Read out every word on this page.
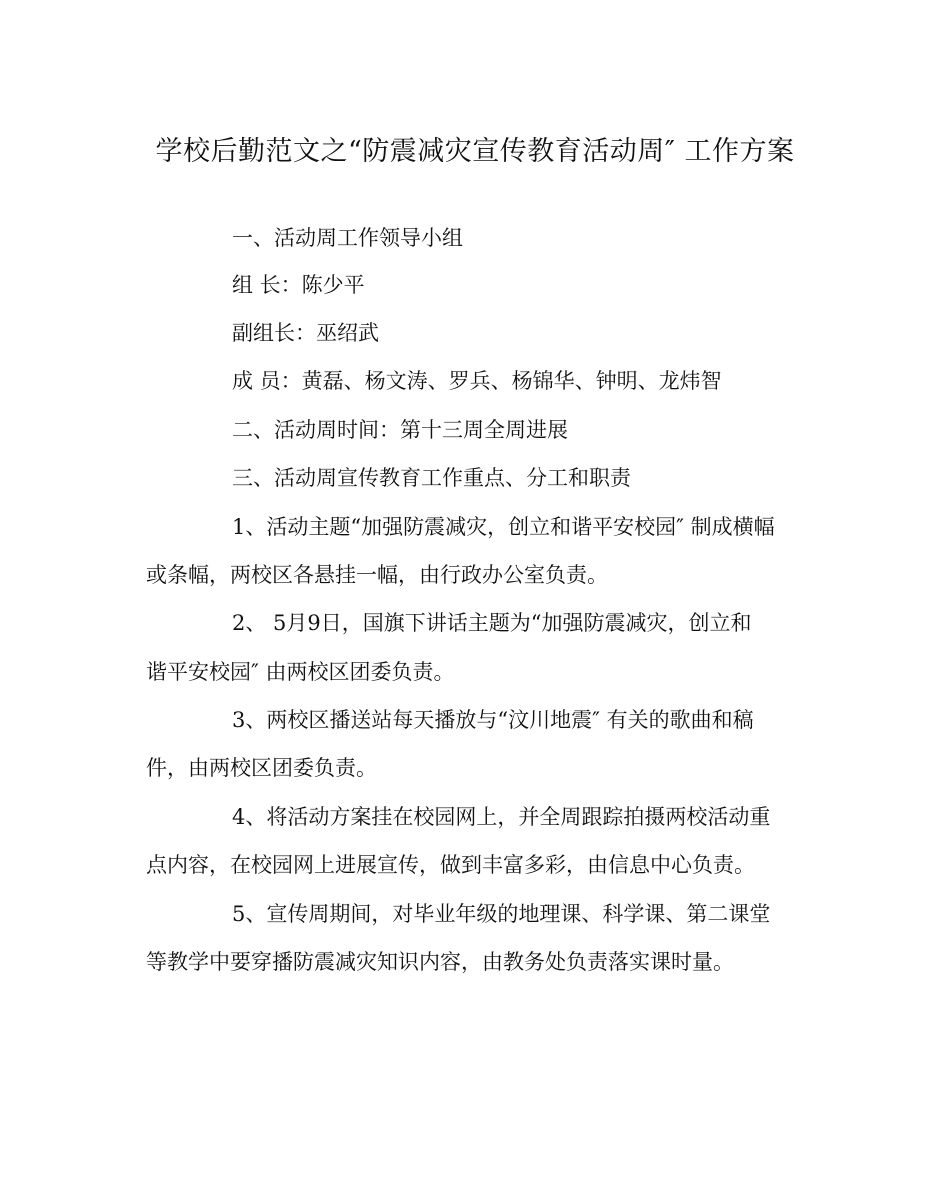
学校后勤范文之“防震减灾宣传教育活动周″ 工作方案
一、活动周工作领导小组
组 长：陈少平
副组长：巫绍武
成 员：黄磊、杨文涛、罗兵、杨锦华、钟明、龙炜智
二、活动周时间：第十三周全周进展
三、活动周宣传教育工作重点、分工和职责
1、活动主题“加强防震减灾，创立和谐平安校园″ 制成横幅
或条幅，两校区各悬挂一幅，由行政办公室负责。
2、 5月9日，国旗下讲话主题为“加强防震减灾，创立和
谐平安校园″ 由两校区团委负责。
3、两校区播送站每天播放与“汶川地震″ 有关的歌曲和稿
件，由两校区团委负责。
4、将活动方案挂在校园网上，并全周跟踪拍摄两校活动重
点内容，在校园网上进展宣传，做到丰富多彩，由信息中心负责。
5、宣传周期间，对毕业年级的地理课、科学课、第二课堂
等教学中要穿播防震减灾知识内容，由教务处负责落实课时量。
